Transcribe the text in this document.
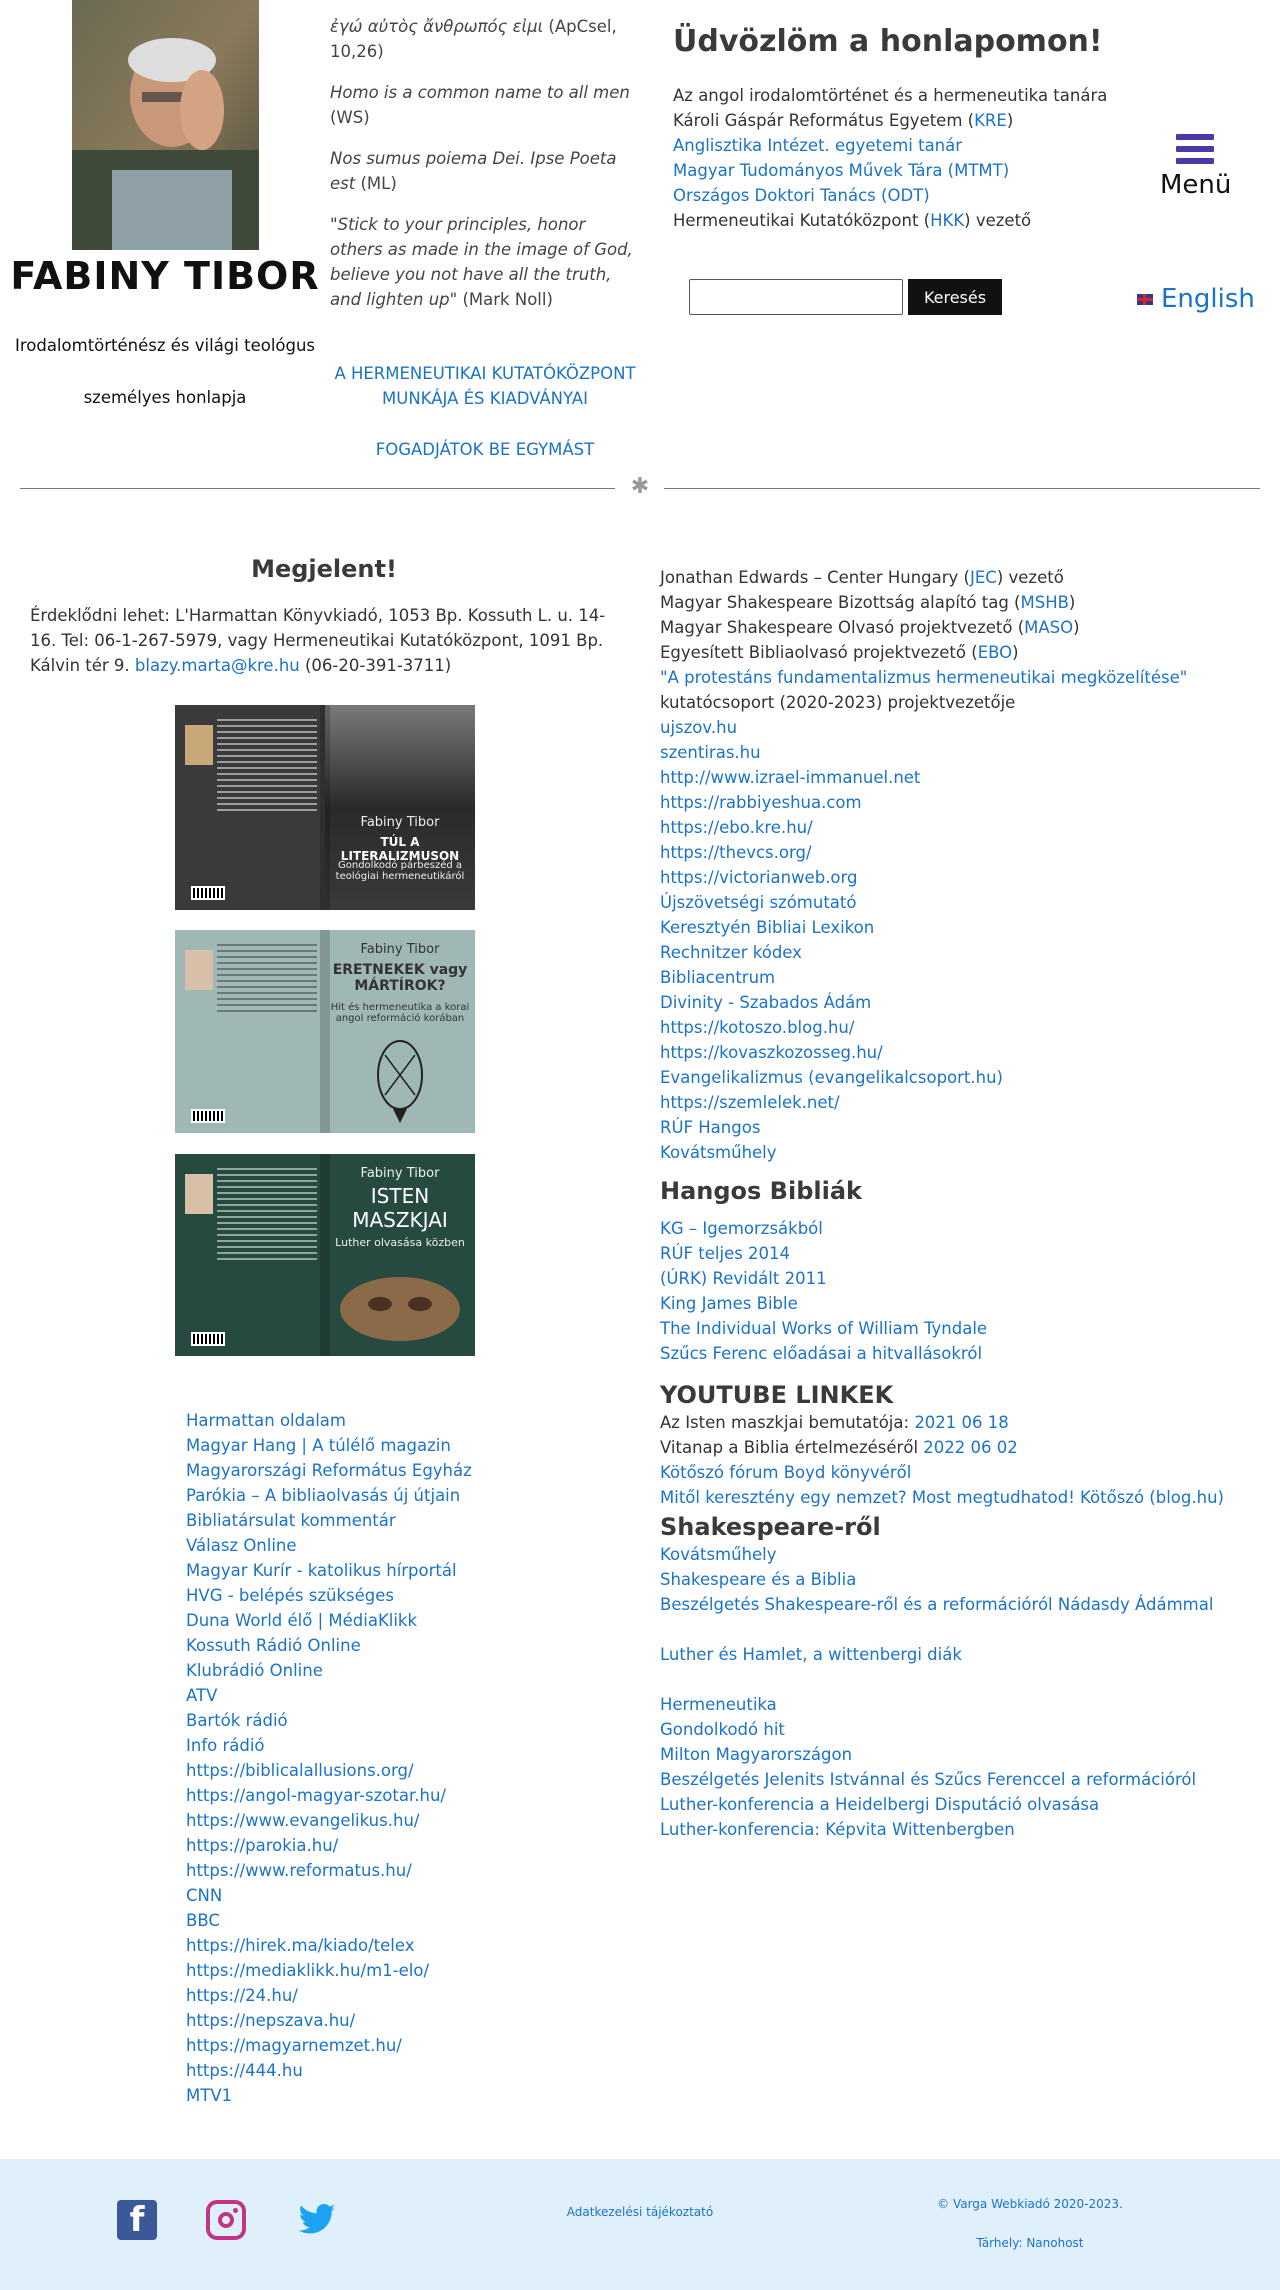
FABINY TIBOR
Irodalomtörténész és világi teológus
személyes honlapja

ἐγώ αὐτὸς ἄνθρωπός εἰμι (ApCsel, 10,26)

Homo is a common name to all men (WS)

Nos sumus poiema Dei. Ipse Poeta est (ML)

"Stick to your principles, honor others as made in the image of God, believe you not have all the truth, and lighten up" (Mark Noll)

A HERMENEUTIKAI KUTATÓKÖZPONT MUNKÁJA ÉS KIADVÁNYAI
FOGADJÁTOK BE EGYMÁST
Üdvözlöm a honlapomon!
Az angol irodalomtörténet és a hermeneutika tanára
Károli Gáspár Református Egyetem (KRE)
Anglisztika Intézet. egyetemi tanár
Magyar Tudományos Művek Tára (MTMT)
Országos Doktori Tanács (ODT)
Hermeneutikai Kutatóközpont (HKK) vezető
Menü
Keresés	English
✱
Megjelent!
Érdeklődni lehet: L'Harmattan Könyvkiadó, 1053 Bp. Kossuth L. u. 14-16. Tel: 06-1-267-5979, vagy Hermeneutikai Kutatóközpont, 1091 Bp. Kálvin tér 9. blazy.marta@kre.hu (06-20-391-3711)
Fabiny Tibor
TÚL A LITERALIZMUSON
Gondolkodó párbeszéd a teológiai hermeneutikáról
Fabiny Tibor
ERETNEKEK vagy MÁRTÍROK?
Hit és hermeneutika a korai angol reformáció korában
Fabiny Tibor
ISTEN MASZKJAI
Luther olvasása közben
Harmattan oldalam
Magyar Hang | A túlélő magazin
Magyarországi Református Egyház
Parókia – A bibliaolvasás új útjain
Bibliatársulat kommentár
Válasz Online
Magyar Kurír - katolikus hírportál
HVG - belépés szükséges
Duna World élő | MédiaKlikk
Kossuth Rádió Online
Klubrádió Online
ATV
Bartók rádió
Info rádió
https://biblicalallusions.org/
https://angol-magyar-szotar.hu/
https://www.evangelikus.hu/
https://parokia.hu/
https://www.reformatus.hu/
CNN
BBC
https://hirek.ma/kiado/telex
https://mediaklikk.hu/m1-elo/
https://24.hu/
https://nepszava.hu/
https://magyarnemzet.hu/
https://444.hu
MTV1
Jonathan Edwards – Center Hungary (JEC) vezető
Magyar Shakespeare Bizottság alapító tag (MSHB)
Magyar Shakespeare Olvasó projektvezető (MASO)
Egyesített Bibliaolvasó projektvezető (EBO)
"A protestáns fundamentalizmus hermeneutikai megközelítése"
kutatócsoport (2020-2023) projektvezetője
ujszov.hu
szentiras.hu
http://www.izrael-immanuel.net
https://rabbiyeshua.com
https://ebo.kre.hu/
https://thevcs.org/
https://victorianweb.org
Újszövetségi szómutató
Keresztyén Bibliai Lexikon
Rechnitzer kódex
Bibliacentrum
Divinity - Szabados Ádám
https://kotoszo.blog.hu/
https://kovaszkozosseg.hu/
Evangelikalizmus (evangelikalcsoport.hu)
https://szemlelek.net/
RÚF Hangos
Kovátsműhely
Hangos Bibliák
KG – Igemorzsákból
RÚF teljes 2014
(ÚRK) Revidált 2011
King James Bible
The Individual Works of William Tyndale
Szűcs Ferenc előadásai a hitvallásokról
YOUTUBE LINKEK
Az Isten maszkjai bemutatója: 2021 06 18
Vitanap a Biblia értelmezéséről 2022 06 02
Kötőszó fórum Boyd könyvéről
Mitől keresztény egy nemzet? Most megtudhatod! Kötőszó (blog.hu)
Shakespeare-ről
Kovátsműhely
Shakespeare és a Biblia
Beszélgetés Shakespeare-ről és a reformációról Nádasdy Ádámmal
Luther és Hamlet, a wittenbergi diák
Hermeneutika
Gondolkodó hit
Milton Magyarországon
Beszélgetés Jelenits Istvánnal és Szűcs Ferenccel a reformációról
Luther-konferencia a Heidelbergi Disputáció olvasása
Luther-konferencia: Képvita Wittenbergben
f	Adatkezelési tájékoztató
© Varga Webkiadó 2020-2023.
Tárhely: Nanohost
